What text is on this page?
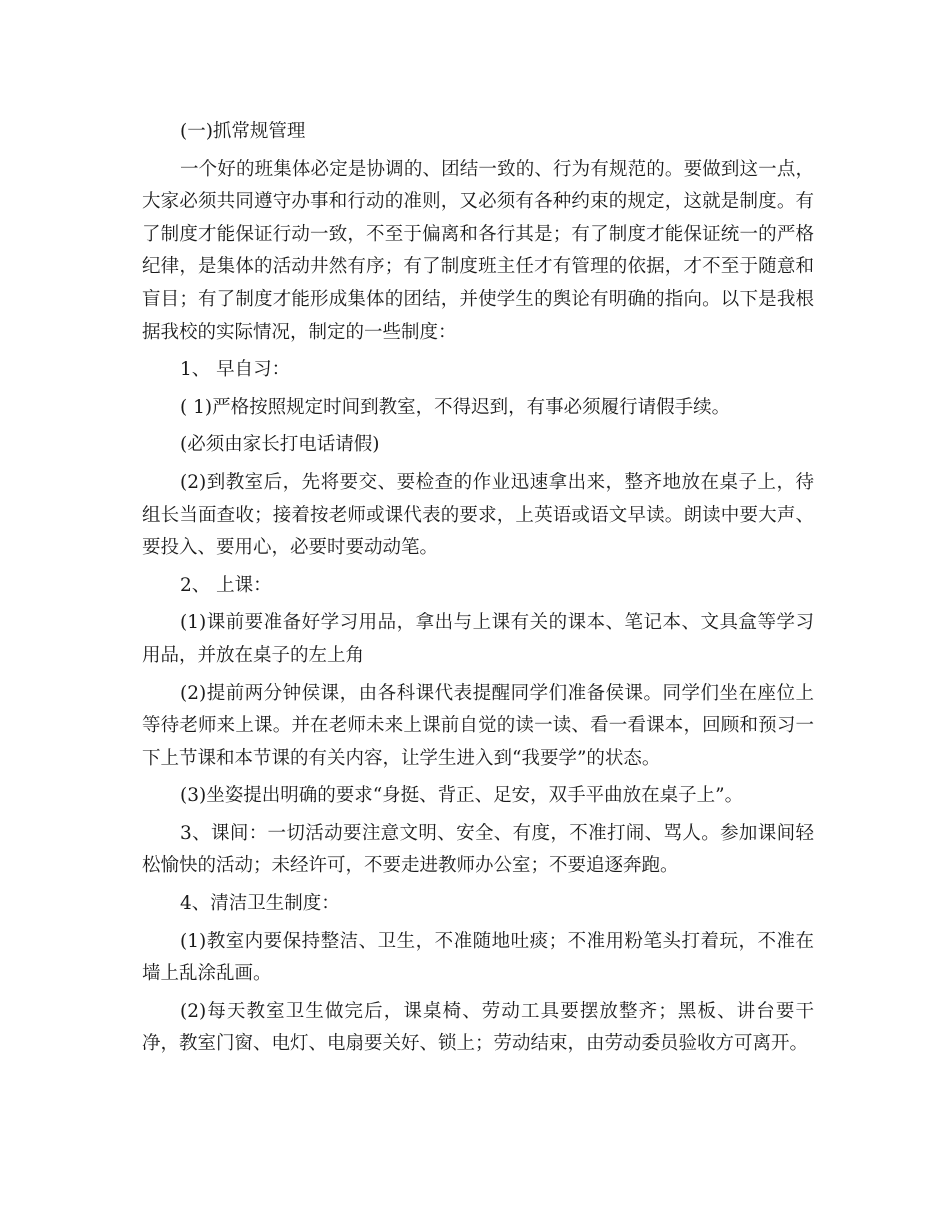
(一)抓常规管理

一个好的班集体必定是协调的、团结一致的、行为有规范的。要做到这一点，大家必须共同遵守办事和行动的准则，又必须有各种约束的规定，这就是制度。有了制度才能保证行动一致，不至于偏离和各行其是；有了制度才能保证统一的严格纪律，是集体的活动井然有序；有了制度班主任才有管理的依据，才不至于随意和盲目；有了制度才能形成集体的团结，并使学生的舆论有明确的指向。以下是我根据我校的实际情况，制定的一些制度：

1、 早自习：

( 1)严格按照规定时间到教室，不得迟到，有事必须履行请假手续。

(必须由家长打电话请假)

(2)到教室后，先将要交、要检查的作业迅速拿出来，整齐地放在桌子上，待组长当面查收；接着按老师或课代表的要求，上英语或语文早读。朗读中要大声、要投入、要用心，必要时要动动笔。

2、 上课：

(1)课前要准备好学习用品，拿出与上课有关的课本、笔记本、文具盒等学习用品，并放在桌子的左上角

(2)提前两分钟侯课，由各科课代表提醒同学们准备侯课。同学们坐在座位上等待老师来上课。并在老师未来上课前自觉的读一读、看一看课本，回顾和预习一下上节课和本节课的有关内容，让学生进入到“我要学”的状态。

(3)坐姿提出明确的要求“身挺、背正、足安，双手平曲放在桌子上”。

3、课间：一切活动要注意文明、安全、有度，不准打闹、骂人。参加课间轻松愉快的活动；未经许可，不要走进教师办公室；不要追逐奔跑。

4、清洁卫生制度：

(1)教室内要保持整洁、卫生，不准随地吐痰；不准用粉笔头打着玩，不准在墙上乱涂乱画。

(2)每天教室卫生做完后，课桌椅、劳动工具要摆放整齐；黑板、讲台要干净，教室门窗、电灯、电扇要关好、锁上；劳动结束，由劳动委员验收方可离开。
